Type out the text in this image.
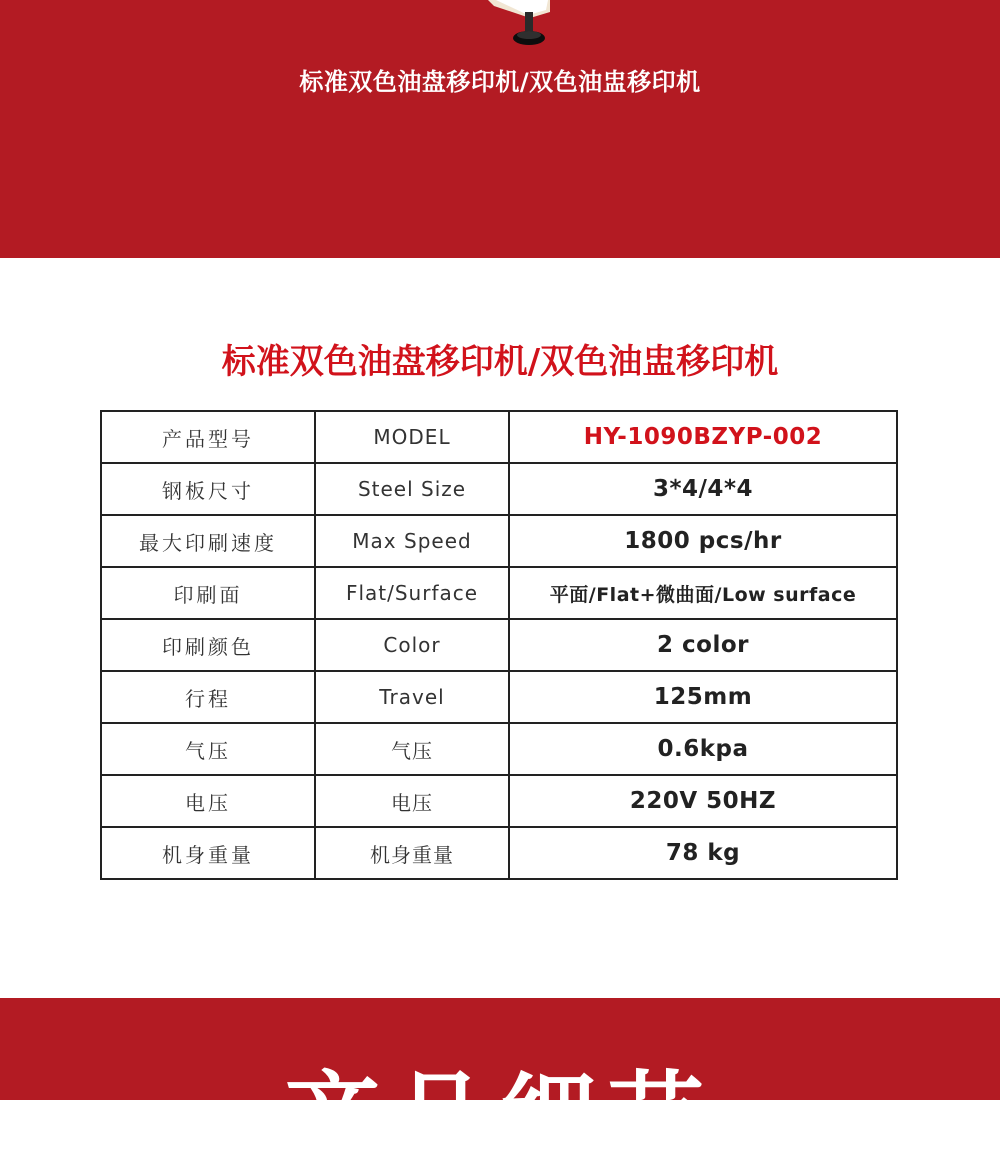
标准双色油盘移印机/双色油盅移印机
标准双色油盘移印机/双色油盅移印机
产品型号	MODEL	HY-1090BZYP-002
钢板尺寸	Steel Size	3*4/4*4
最大印刷速度	Max Speed	1800 pcs/hr
印刷面	Flat/Surface	平面/Flat+微曲面/Low surface
印刷颜色	Color	2 color
行程	Travel	125mm
气压	气压	0.6kpa
电压	电压	220V 50HZ
机身重量	机身重量	78 kg
产品细节
